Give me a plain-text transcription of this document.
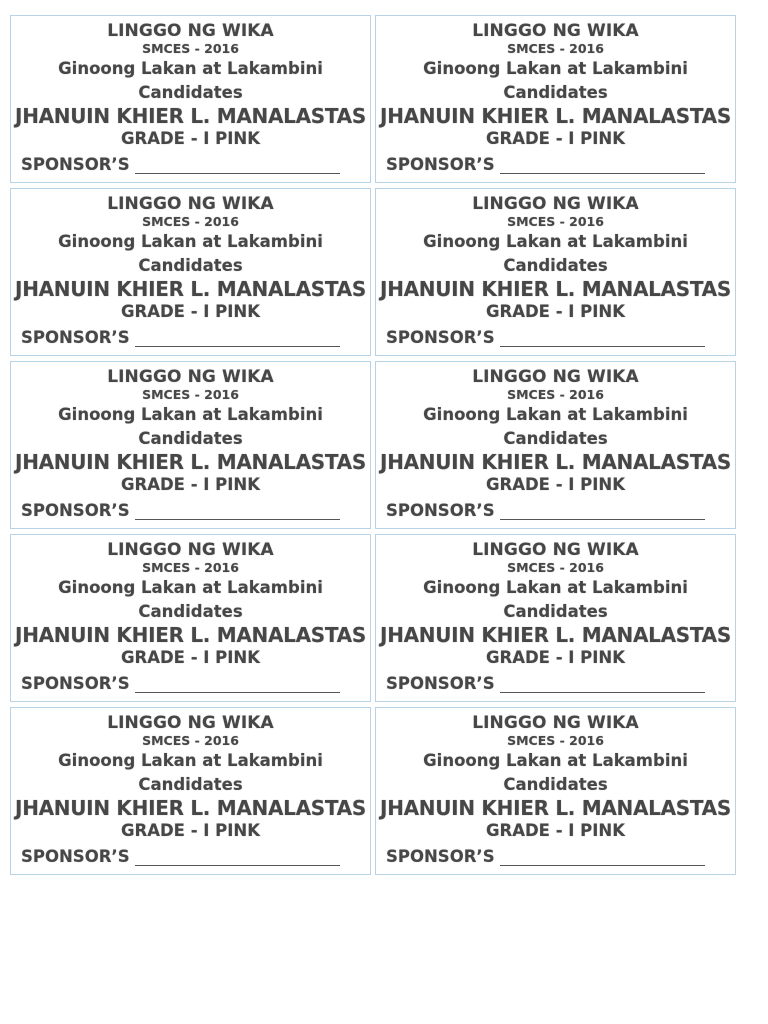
LINGGO NG WIKA
SMCES - 2016
Ginoong Lakan at Lakambini
Candidates
JHANUIN KHIER L. MANALASTAS
GRADE - I PINK
SPONSOR’S
LINGGO NG WIKA
SMCES - 2016
Ginoong Lakan at Lakambini
Candidates
JHANUIN KHIER L. MANALASTAS
GRADE - I PINK
SPONSOR’S
LINGGO NG WIKA
SMCES - 2016
Ginoong Lakan at Lakambini
Candidates
JHANUIN KHIER L. MANALASTAS
GRADE - I PINK
SPONSOR’S
LINGGO NG WIKA
SMCES - 2016
Ginoong Lakan at Lakambini
Candidates
JHANUIN KHIER L. MANALASTAS
GRADE - I PINK
SPONSOR’S
LINGGO NG WIKA
SMCES - 2016
Ginoong Lakan at Lakambini
Candidates
JHANUIN KHIER L. MANALASTAS
GRADE - I PINK
SPONSOR’S
LINGGO NG WIKA
SMCES - 2016
Ginoong Lakan at Lakambini
Candidates
JHANUIN KHIER L. MANALASTAS
GRADE - I PINK
SPONSOR’S
LINGGO NG WIKA
SMCES - 2016
Ginoong Lakan at Lakambini
Candidates
JHANUIN KHIER L. MANALASTAS
GRADE - I PINK
SPONSOR’S
LINGGO NG WIKA
SMCES - 2016
Ginoong Lakan at Lakambini
Candidates
JHANUIN KHIER L. MANALASTAS
GRADE - I PINK
SPONSOR’S
LINGGO NG WIKA
SMCES - 2016
Ginoong Lakan at Lakambini
Candidates
JHANUIN KHIER L. MANALASTAS
GRADE - I PINK
SPONSOR’S
LINGGO NG WIKA
SMCES - 2016
Ginoong Lakan at Lakambini
Candidates
JHANUIN KHIER L. MANALASTAS
GRADE - I PINK
SPONSOR’S
